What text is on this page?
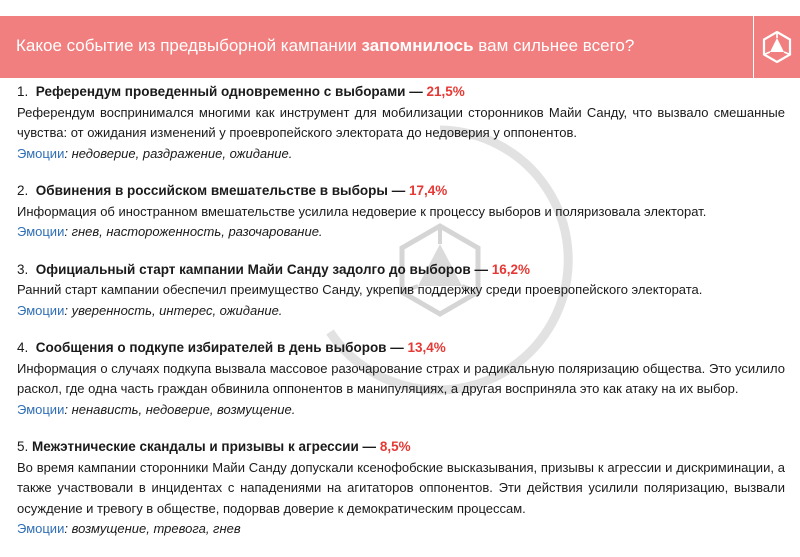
Какое событие из предвыборной кампании запомнилось вам сильнее всего?
1. Референдум проведенный одновременно с выборами — 21,5%
Референдум воспринимался многими как инструмент для мобилизации сторонников Майи Санду, что вызвало смешанные чувства: от ожидания изменений у проевропейского электората до недоверия у оппонентов.
Эмоции: недоверие, раздражение, ожидание.
2. Обвинения в российском вмешательстве в выборы — 17,4%
Информация об иностранном вмешательстве усилила недоверие к процессу выборов и поляризовала электорат.
Эмоции: гнев, настороженность, разочарование.
3. Официальный старт кампании Майи Санду задолго до выборов — 16,2%
Ранний старт кампании обеспечил преимущество Санду, укрепив поддержку среди проевропейского электората.
Эмоции: уверенность, интерес, ожидание.
4. Сообщения о подкупе избирателей в день выборов — 13,4%
Информация о случаях подкупа вызвала массовое разочарование страх и радикальную поляризацию общества. Это усилило раскол, где одна часть граждан обвинила оппонентов в манипуляциях, а другая восприняла это как атаку на их выбор.
Эмоции: ненависть, недоверие, возмущение.
5. Межэтнические скандалы и призывы к агрессии — 8,5%
Во время кампании сторонники Майи Санду допускали ксенофобские высказывания, призывы к агрессии и дискриминации, а также участвовали в инцидентах с нападениями на агитаторов оппонентов. Эти действия усилили поляризацию, вызвали осуждение и тревогу в обществе, подорвав доверие к демократическим процессам.
Эмоции: возмущение, тревога, гнев
